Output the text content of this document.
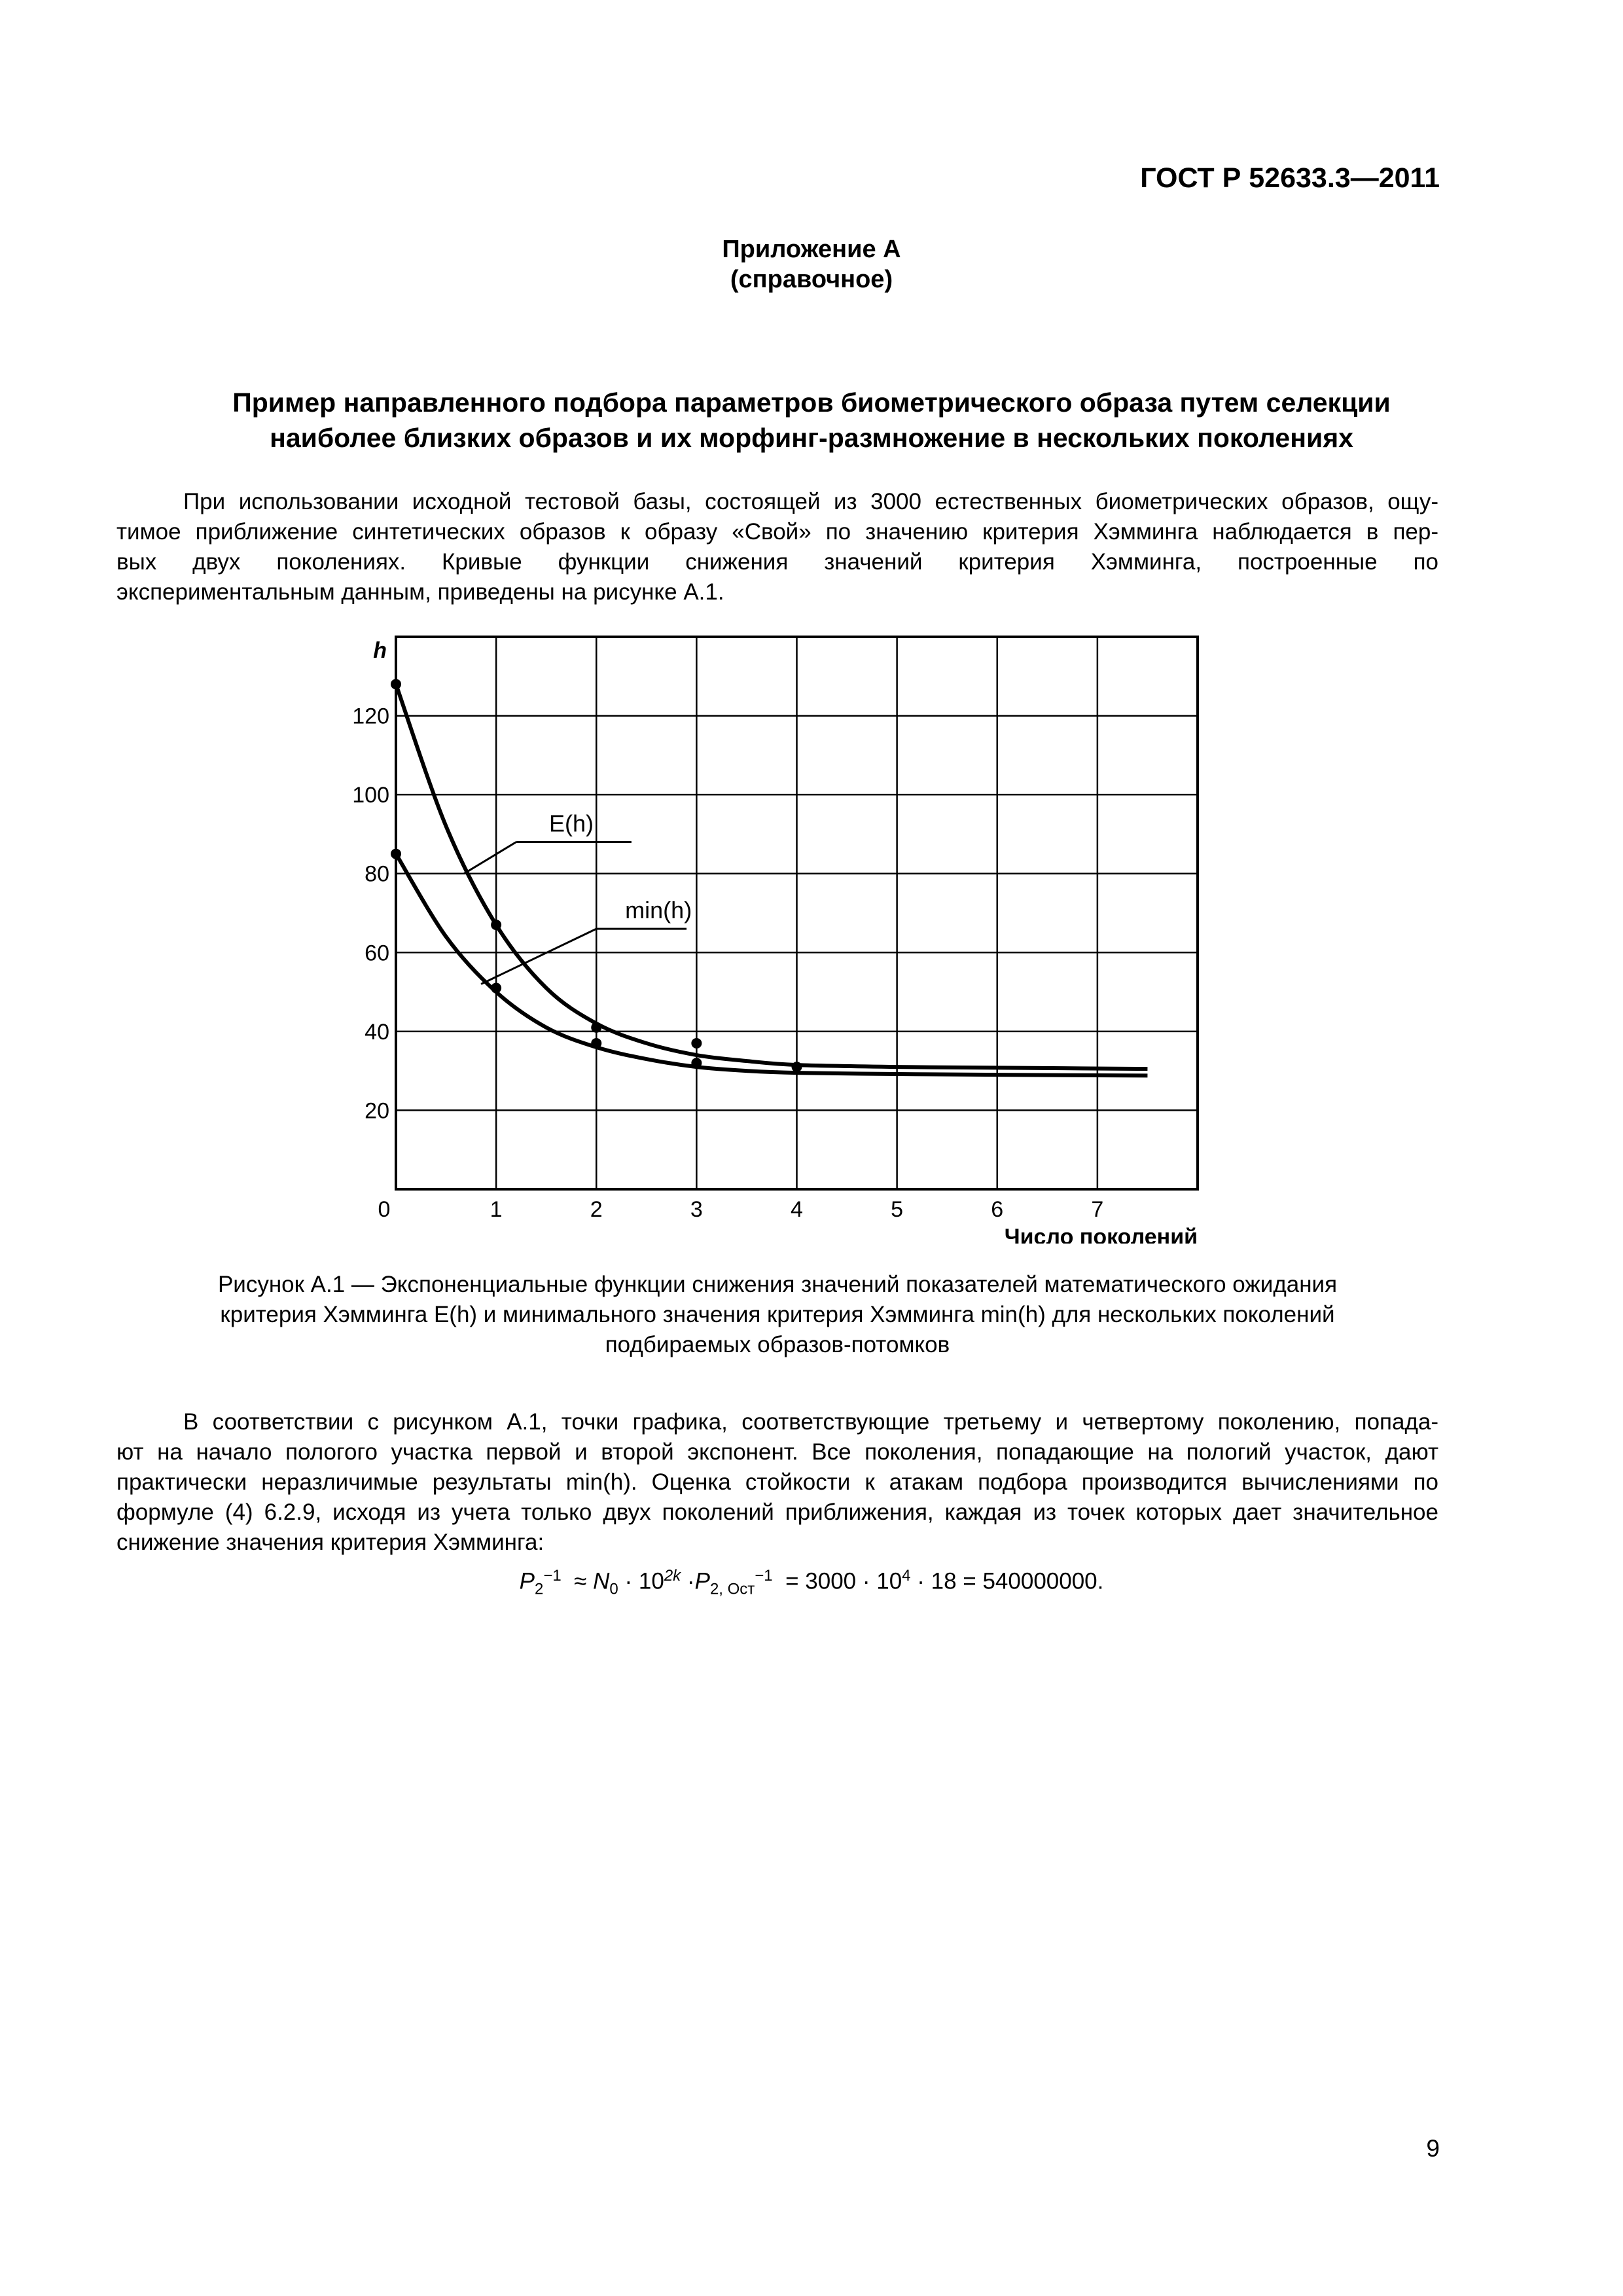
ГОСТ Р 52633.3—2011
Приложение А
(справочное)
Пример направленного подбора параметров биометрического образа путем селекции
наиболее близких образов и их морфинг-размножение в нескольких поколениях
При использовании исходной тестовой базы, состоящей из 3000 естественных биометрических образов, ощу-
тимое приближение синтетических образов к образу «Свой» по значению критерия Хэмминга наблюдается в пер-
вых двух поколениях. Кривые функции снижения значений критерия Хэмминга, построенные по
экспериментальным данным, приведены на рисунке А.1.
0	1	2	3	4	5	6	7
20
40
60
80
100
120
h
Число поколений
E(h)
min(h)
Рисунок А.1 — Экспоненциальные функции снижения значений показателей математического ожидания
критерия Хэмминга E(h) и минимального значения критерия Хэмминга min(h) для нескольких поколений
подбираемых образов-потомков
В соответствии с рисунком А.1, точки графика, соответствующие третьему и четвертому поколению, попада-
ют на начало пологого участка первой и второй экспонент. Все поколения, попадающие на пологий участок, дают
практически неразличимые результаты min(h). Оценка стойкости к атакам подбора производится вычислениями по
формуле (4) 6.2.9, исходя из учета только двух поколений приближения, каждая из точек которых дает значительное
снижение значения критерия Хэмминга:
$P_2^{-1} \approx N_0 \cdot 10^{2k} \cdot P_{2, Ост}^{-1} = 3000 \cdot 10^4 \cdot 18 = 540000000$.
9
